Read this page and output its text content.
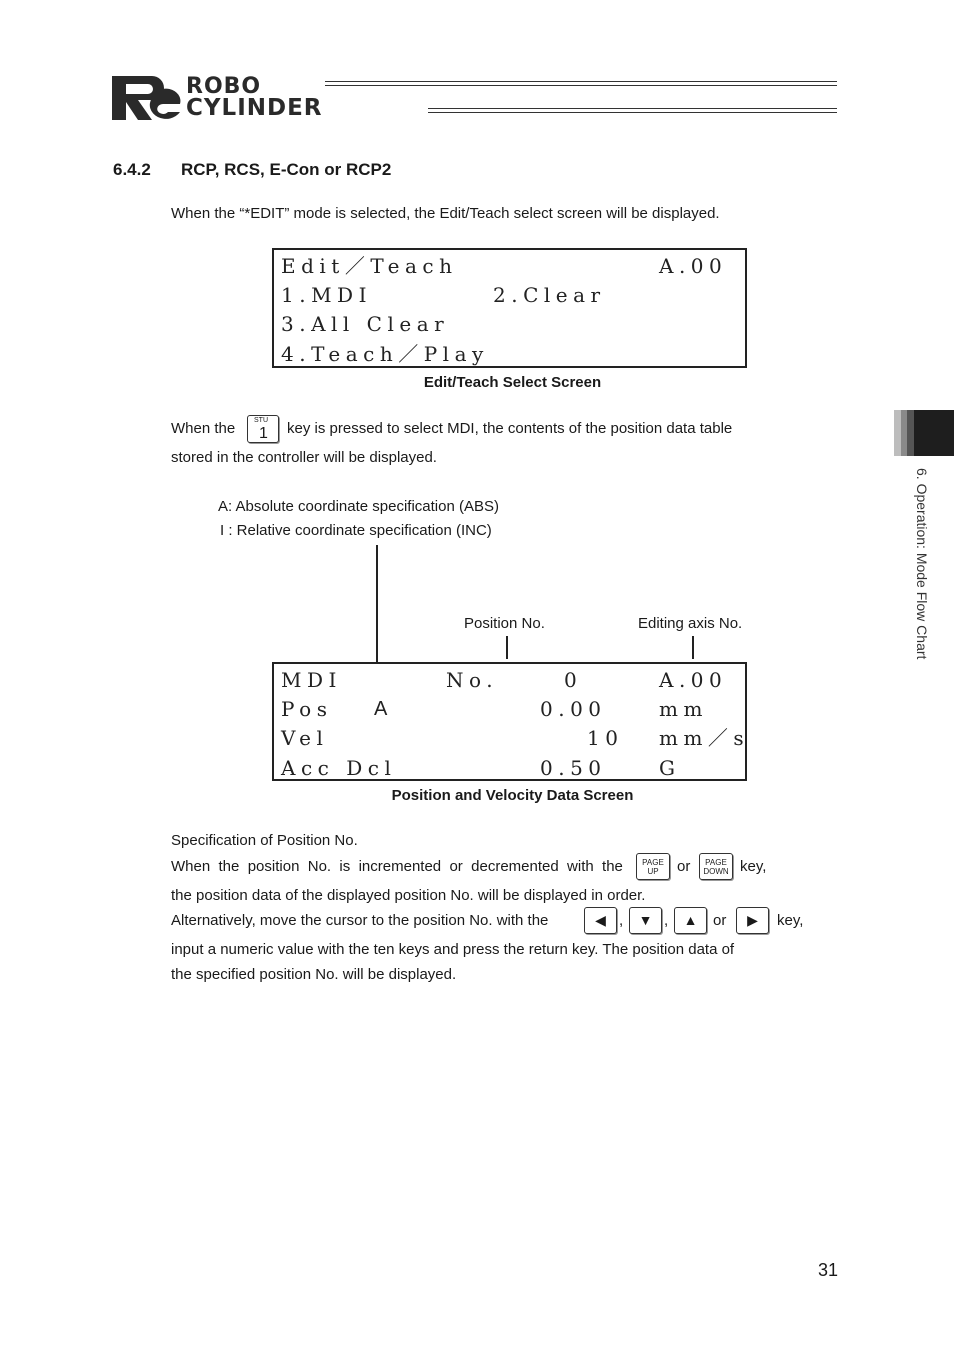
ROBO
CYLINDER
6.4.2 RCP, RCS, E-Con or RCP2
When the “*EDIT” mode is selected, the Edit/Teach select screen will be displayed.
Edit／Teach	A.00
1.MDI	2.Clear
3.All Clear
4.Teach／Play
Edit/Teach Select Screen
When the	STU
1 key is pressed to select MDI, the contents of the position data table
stored in the controller will be displayed.
A: Absolute coordinate specification (ABS)
I : Relative coordinate specification (INC)
Position No.	Editing axis No.
MDI	No.	0	A.00
Pos A	0.00	mm
Vel	10 mm／s
Acc Dcl	0.50	G
Position and Velocity Data Screen
Specification of Position No.
When  the  position  No.  is  incremented  or  decremented  with  the	PAGE
UP	or	PAGE
DOWN key,
the position data of the displayed position No. will be displayed in order.
Alternatively, move the cursor to the position No. with the	◀ ,	▼ ,	▲	or	▶	key,
input a numeric value with the ten keys and press the return key. The position data of
the specified position No. will be displayed.
6. Operation: Mode Flow Chart
31
